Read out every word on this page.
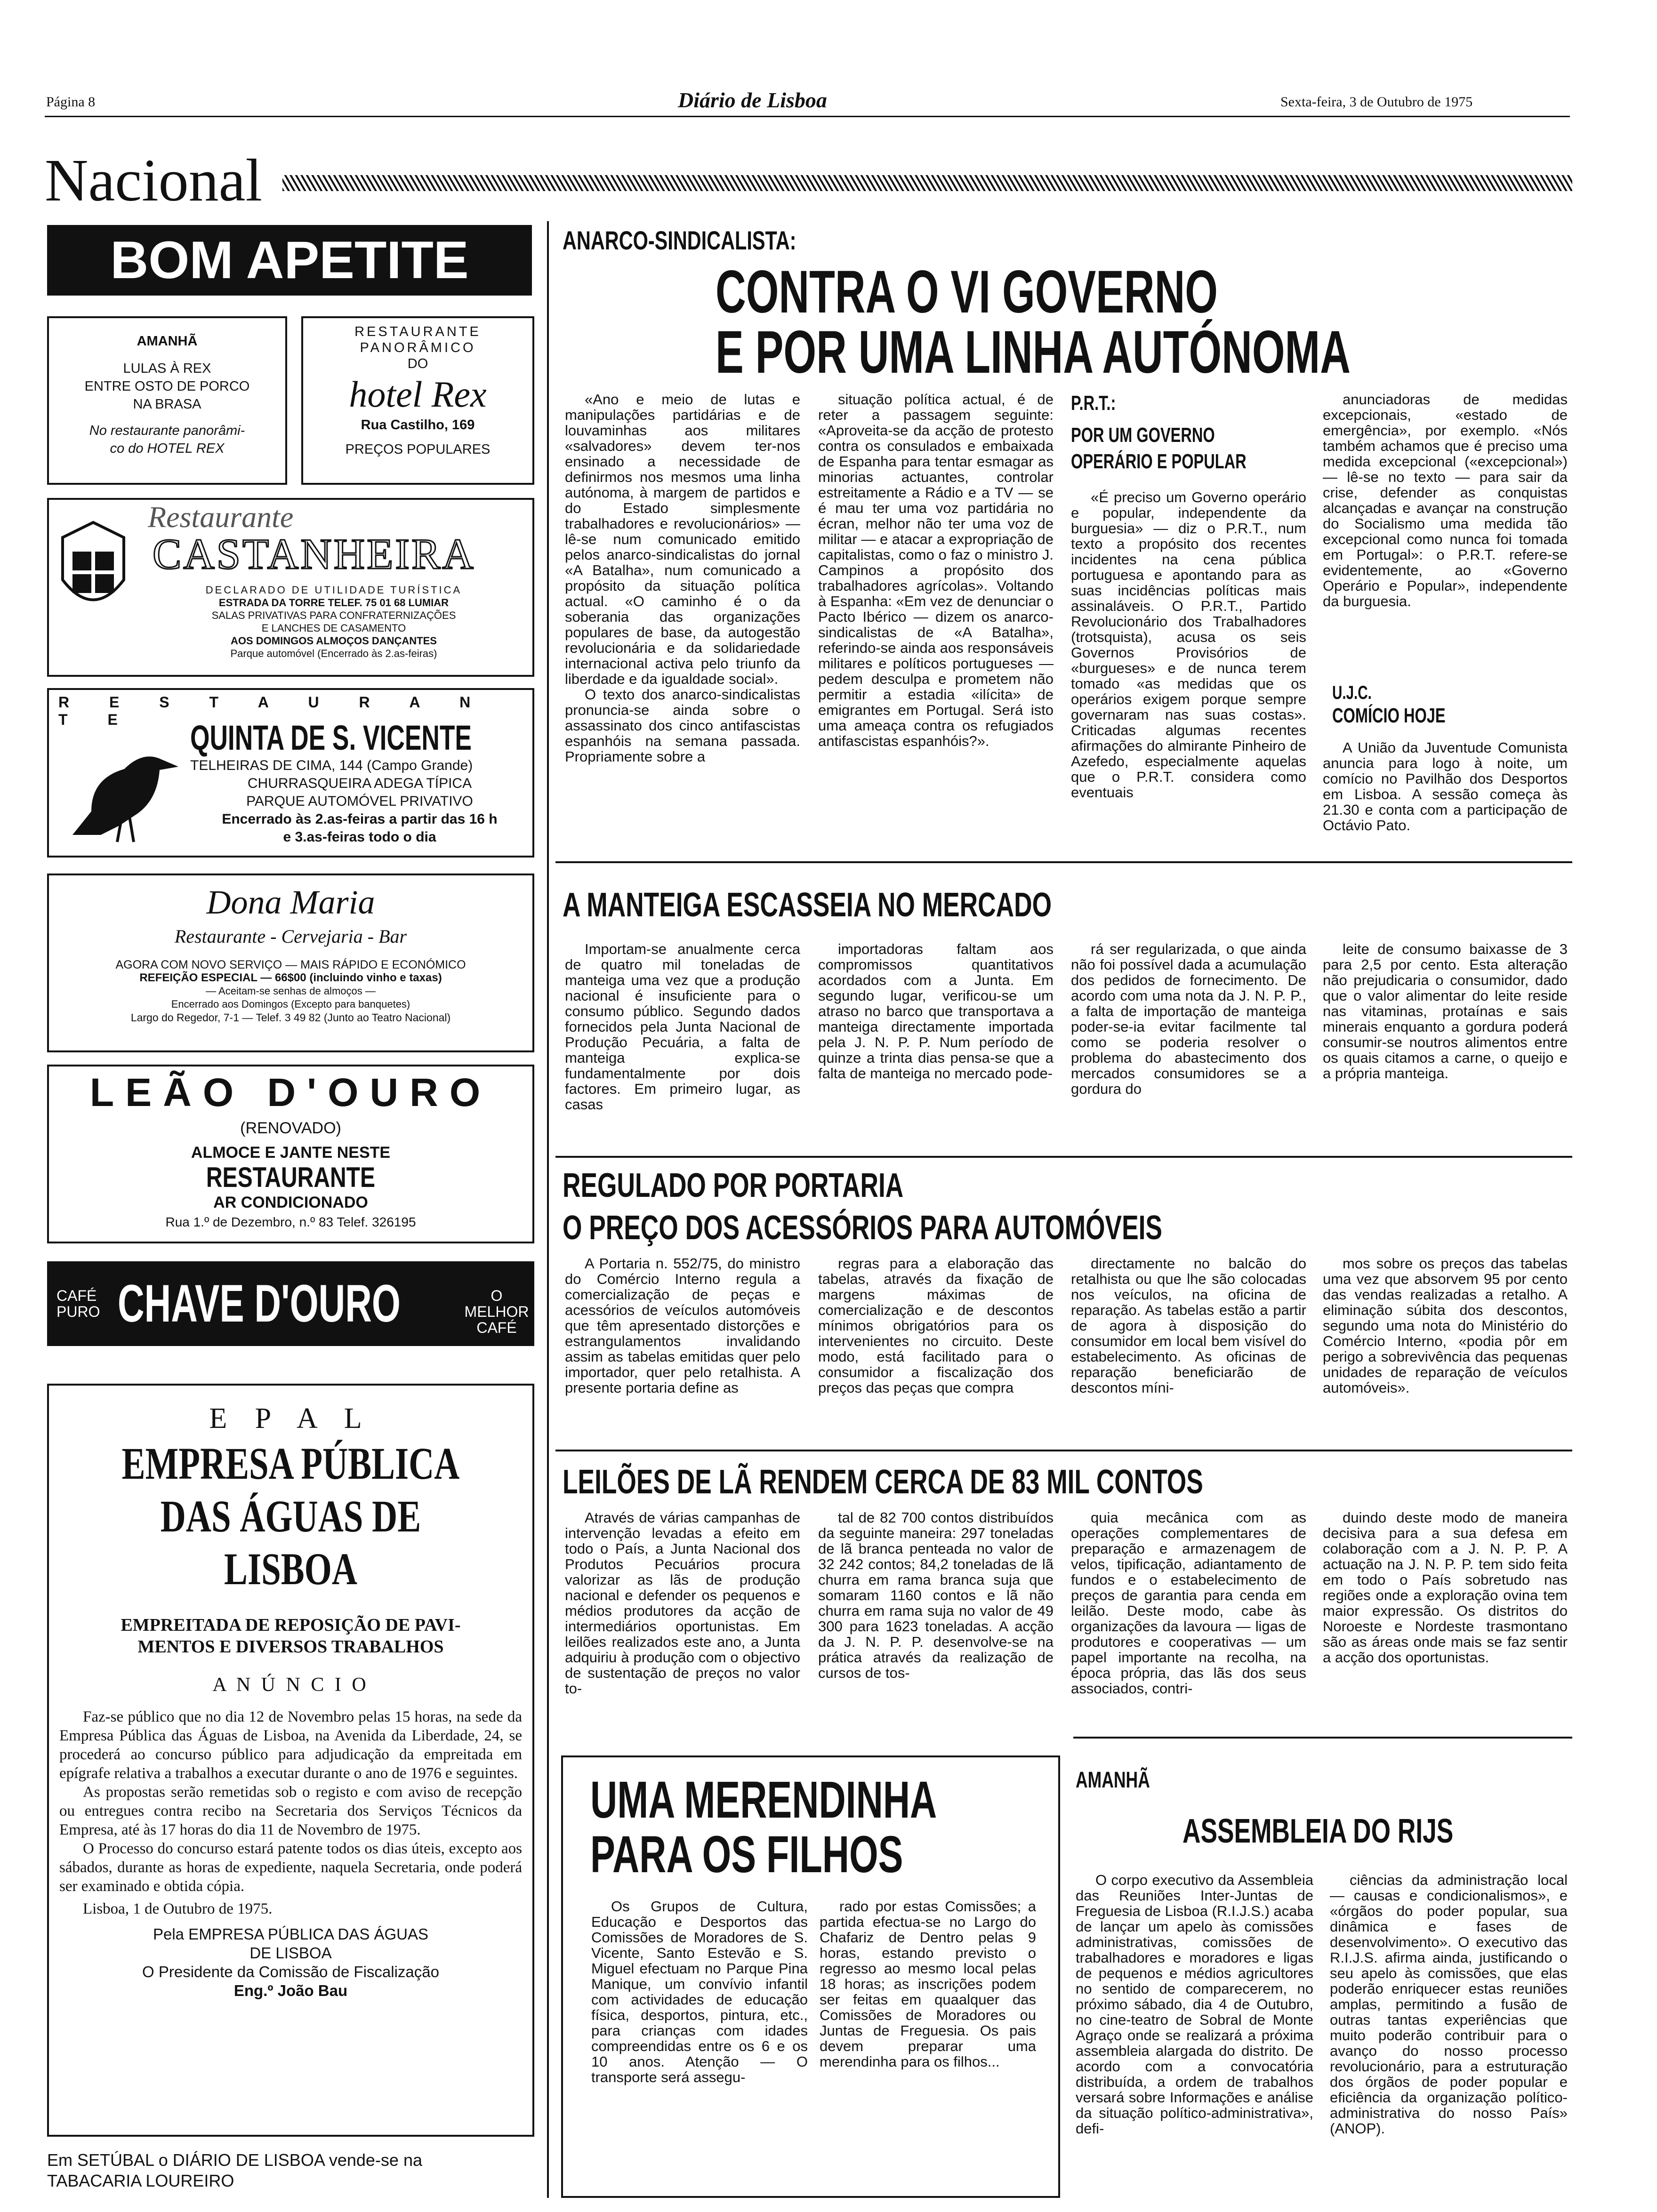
Página 8	Diário de Lisboa	Sexta-feira, 3 de Outubro de 1975
Nacional
BOM APETITE
AMANHÃ
LULAS À REX
ENTRE OSTO DE PORCO
NA BRASA
No restaurante panorâmi-
co do HOTEL REX
RESTAURANTE
PANORÂMICO
DO
hotel Rex
Rua Castilho, 169
PREÇOS POPULARES
Restaurante
CASTANHEIRA
DECLARADO DE UTILIDADE TURÍSTICA
ESTRADA DA TORRE TELEF. 75 01 68 LUMIAR
SALAS PRIVATIVAS PARA CONFRATERNIZAÇÕES
E LANCHES DE CASAMENTO
AOS DOMINGOS ALMOÇOS DANÇANTES
Parque automóvel (Encerrado às 2.as-feiras)
R E S T A U R A N T E	QUINTA DE S. VICENTE
TELHEIRAS DE CIMA, 144 (Campo Grande)
CHURRASQUEIRA ADEGA TÍPICA
PARQUE AUTOMÓVEL PRIVATIVO
Encerrado às 2.as-feiras a partir das 16 h
e 3.as-feiras todo o dia
Dona Maria
Restaurante - Cervejaria - Bar
AGORA COM NOVO SERVIÇO — MAIS RÁPIDO E ECONÓMICO
REFEIÇÃO ESPECIAL — 66$00 (incluindo vinho e taxas)
— Aceitam-se senhas de almoços —
Encerrado aos Domingos (Excepto para banquetes)
Largo do Regedor, 7-1 — Telef. 3 49 82 (Junto ao Teatro Nacional)
LEÃO D'OURO
(RENOVADO)
ALMOCE E JANTE NESTE
RESTAURANTE
AR CONDICIONADO
Rua 1.º de Dezembro, n.º 83 Telef. 326195
CAFÉ PURO CHAVE D'OURO	O MELHOR CAFÉ
E P A L
EMPRESA PÚBLICA
DAS ÁGUAS DE LISBOA
EMPREITADA DE REPOSIÇÃO DE PAVI-
MENTOS E DIVERSOS TRABALHOS
A N Ú N C I O

Faz-se público que no dia 12 de Novembro pelas 15 horas, na sede da Empresa Pública das Águas de Lisboa, na Avenida da Liberdade, 24, se procederá ao concurso público para adjudicação da empreitada em epígrafe relativa a trabalhos a executar durante o ano de 1976 e seguintes.

As propostas serão remetidas sob o registo e com aviso de recepção ou entregues contra recibo na Secretaria dos Serviços Técnicos da Empresa, até às 17 horas do dia 11 de Novembro de 1975.

O Processo do concurso estará patente todos os dias úteis, excepto aos sábados, durante as horas de expediente, naquela Secretaria, onde poderá ser examinado e obtida cópia.

Lisboa, 1 de Outubro de 1975.

Pela EMPRESA PÚBLICA DAS ÁGUAS
DE LISBOA
O Presidente da Comissão de Fiscalização
Eng.º João Bau
Em SETÚBAL o DIÁRIO DE LISBOA vende-se na
TABACARIA LOUREIRO
ANARCO-SINDICALISTA:
CONTRA O VI GOVERNO
E POR UMA LINHA AUTÓNOMA

«Ano e meio de lutas e manipulações partidárias e de louvaminhas aos militares «salvadores» devem ter-nos ensinado a necessidade de definirmos nos mesmos uma linha autónoma, à margem de partidos e do Estado simplesmente trabalhadores e revolucionários» — lê-se num comunicado emitido pelos anarco-sindicalistas do jornal «A Batalha», num comunicado a propósito da situação política actual. «O caminho é o da soberania das organizações populares de base, da autogestão revolucionária e da solidariedade internacional activa pelo triunfo da liberdade e da igualdade social».

O texto dos anarco-sindicalistas pronuncia-se ainda sobre o assassinato dos cinco antifascistas espanhóis na semana passada. Propriamente sobre a

situação política actual, é de reter a passagem seguinte: «Aproveita-se da acção de protesto contra os consulados e embaixada de Espanha para tentar esmagar as minorias actuantes, controlar estreitamente a Rádio e a TV — se é mau ter uma voz partidária no écran, melhor não ter uma voz de militar — e atacar a expropriação de capitalistas, como o faz o ministro J. Campinos a propósito dos trabalhadores agrícolas». Voltando à Espanha: «Em vez de denunciar o Pacto Ibérico — dizem os anarco-sindicalistas de «A Batalha», referindo-se ainda aos responsáveis militares e políticos portugueses — pedem desculpa e prometem não permitir a estadia «ilícita» de emigrantes em Portugal. Será isto uma ameaça contra os refugiados antifascistas espanhóis?».

P.R.T.:
POR UM GOVERNO
OPERÁRIO E POPULAR

«É preciso um Governo operário e popular, independente da burguesia» — diz o P.R.T., num texto a propósito dos recentes incidentes na cena pública portuguesa e apontando para as suas incidências políticas mais assinaláveis. O P.R.T., Partido Revolucionário dos Trabalhadores (trotsquista), acusa os seis Governos Provisórios de «burgueses» e de nunca terem tomado «as medidas que os operários exigem porque sempre governaram nas suas costas». Criticadas algumas recentes afirmações do almirante Pinheiro de Azefedo, especialmente aquelas que o P.R.T. considera como eventuais

anunciadoras de medidas excepcionais, «estado de emergência», por exemplo. «Nós também achamos que é preciso uma medida excepcional («excepcional») — lê-se no texto — para sair da crise, defender as conquistas alcançadas e avançar na construção do Socialismo uma medida tão excepcional como nunca foi tomada em Portugal»: o P.R.T. refere-se evidentemente, ao «Governo Operário e Popular», independente da burguesia.

U.J.C.
COMÍCIO HOJE

A União da Juventude Comunista anuncia para logo à noite, um comício no Pavilhão dos Desportos em Lisboa. A sessão começa às 21.30 e conta com a participação de Octávio Pato.

A MANTEIGA ESCASSEIA NO MERCADO

Importam-se anualmente cerca de quatro mil toneladas de manteiga uma vez que a produção nacional é insuficiente para o consumo público. Segundo dados fornecidos pela Junta Nacional de Produção Pecuária, a falta de manteiga explica-se fundamentalmente por dois factores. Em primeiro lugar, as casas

importadoras faltam aos compromissos quantitativos acordados com a Junta. Em segundo lugar, verificou-se um atraso no barco que transportava a manteiga directamente importada pela J. N. P. P. Num período de quinze a trinta dias pensa-se que a falta de manteiga no mercado pode-

rá ser regularizada, o que ainda não foi possível dada a acumulação dos pedidos de fornecimento. De acordo com uma nota da J. N. P. P., a falta de importação de manteiga poder-se-ia evitar facilmente tal como se poderia resolver o problema do abastecimento dos mercados consumidores se a gordura do

leite de consumo baixasse de 3 para 2,5 por cento. Esta alteração não prejudicaria o consumidor, dado que o valor alimentar do leite reside nas vitaminas, protaínas e sais minerais enquanto a gordura poderá consumir-se noutros alimentos entre os quais citamos a carne, o queijo e a própria manteiga.

REGULADO POR PORTARIA
O PREÇO DOS ACESSÓRIOS PARA AUTOMÓVEIS

A Portaria n. 552/75, do ministro do Comércio Interno regula a comercialização de peças e acessórios de veículos automóveis que têm apresentado distorções e estrangulamentos invalidando assim as tabelas emitidas quer pelo importador, quer pelo retalhista. A presente portaria define as

regras para a elaboração das tabelas, através da fixação de margens máximas de comercialização e de descontos mínimos obrigatórios para os intervenientes no circuito. Deste modo, está facilitado para o consumidor a fiscalização dos preços das peças que compra

directamente no balcão do retalhista ou que lhe são colocadas nos veículos, na oficina de reparação. As tabelas estão a partir de agora à disposição do consumidor em local bem visível do estabelecimento. As oficinas de reparação beneficiarão de descontos míni-

mos sobre os preços das tabelas uma vez que absorvem 95 por cento das vendas realizadas a retalho. A eliminação súbita dos descontos, segundo uma nota do Ministério do Comércio Interno, «podia pôr em perigo a sobrevivência das pequenas unidades de reparação de veículos automóveis».

LEILÕES DE LÃ RENDEM CERCA DE 83 MIL CONTOS

Através de várias campanhas de intervenção levadas a efeito em todo o País, a Junta Nacional dos Produtos Pecuários procura valorizar as lãs de produção nacional e defender os pequenos e médios produtores da acção de intermediários oportunistas. Em leilões realizados este ano, a Junta adquiriu à produção com o objectivo de sustentação de preços no valor to-

tal de 82 700 contos distribuídos da seguinte maneira: 297 toneladas de lã branca penteada no valor de 32 242 contos; 84,2 toneladas de lã churra em rama branca suja que somaram 1160 contos e lã não churra em rama suja no valor de 49 300 para 1623 toneladas. A acção da J. N. P. P. desenvolve-se na prática através da realização de cursos de tos-

quia mecânica com as operações complementares de preparação e armazenagem de velos, tipificação, adiantamento de fundos e o estabelecimento de preços de garantia para cenda em leilão. Deste modo, cabe às organizações da lavoura — ligas de produtores e cooperativas — um papel importante na recolha, na época própria, das lãs dos seus associados, contri-

duindo deste modo de maneira decisiva para a sua defesa em colaboração com a J. N. P. P. A actuação na J. N. P. P. tem sido feita em todo o País sobretudo nas regiões onde a exploração ovina tem maior expressão. Os distritos do Noroeste e Nordeste trasmontano são as áreas onde mais se faz sentir a acção dos oportunistas.

UMA MERENDINHA
PARA OS FILHOS

Os Grupos de Cultura, Educação e Desportos das Comissões de Moradores de S. Vicente, Santo Estevão e S. Miguel efectuam no Parque Pina Manique, um convívio infantil com actividades de educação física, desportos, pintura, etc., para crianças com idades compreendidas entre os 6 e os 10 anos. Atenção — O transporte será assegu-

rado por estas Comissões; a partida efectua-se no Largo do Chafariz de Dentro pelas 9 horas, estando previsto o regresso ao mesmo local pelas 18 horas; as inscrições podem ser feitas em quaalquer das Comissões de Moradores ou Juntas de Freguesia. Os pais devem preparar uma merendinha para os filhos...

AMANHÃ
ASSEMBLEIA DO RIJS

O corpo executivo da Assembleia das Reuniões Inter-Juntas de Freguesia de Lisboa (R.I.J.S.) acaba de lançar um apelo às comissões administrativas, comissões de trabalhadores e moradores e ligas de pequenos e médios agricultores no sentido de comparecerem, no próximo sábado, dia 4 de Outubro, no cine-teatro de Sobral de Monte Agraço onde se realizará a próxima assembleia alargada do distrito. De acordo com a convocatória distribuída, a ordem de trabalhos versará sobre Informações e análise da situação político-administrativa», defi-

ciências da administração local — causas e condicionalismos», e «órgãos do poder popular, sua dinâmica e fases de desenvolvimento». O executivo das R.I.J.S. afirma ainda, justificando o seu apelo às comissões, que elas poderão enriquecer estas reuniões amplas, permitindo a fusão de outras tantas experiências que muito poderão contribuir para o avanço do nosso processo revolucionário, para a estruturação dos órgãos de poder popular e eficiência da organização político-administrativa do nosso País» (ANOP).
